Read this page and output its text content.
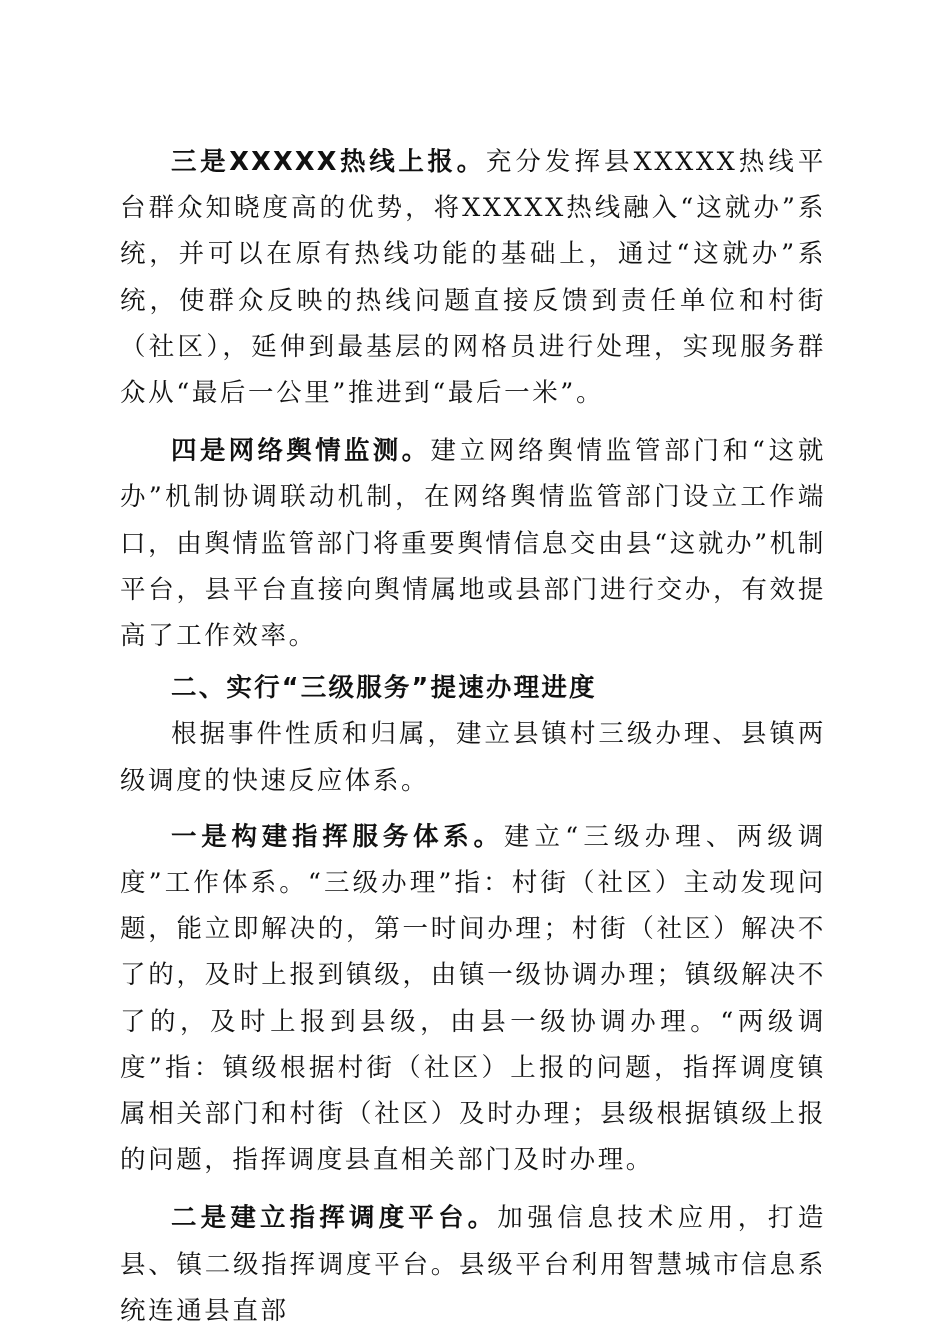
三是XXXXX热线上报。充分发挥县XXXXX热线平台群众知晓度高的优势，将XXXXX热线融入“这就办”系统，并可以在原有热线功能的基础上，通过“这就办”系统，使群众反映的热线问题直接反馈到责任单位和村街（社区），延伸到最基层的网格员进行处理，实现服务群众从“最后一公里”推进到“最后一米”。

四是网络舆情监测。建立网络舆情监管部门和“这就办”机制协调联动机制，在网络舆情监管部门设立工作端口，由舆情监管部门将重要舆情信息交由县“这就办”机制平台，县平台直接向舆情属地或县部门进行交办，有效提高了工作效率。

二、实行“三级服务”提速办理进度

根据事件性质和归属，建立县镇村三级办理、县镇两级调度的快速反应体系。

一是构建指挥服务体系。建立“三级办理、两级调度”工作体系。“三级办理”指：村街（社区）主动发现问题，能立即解决的，第一时间办理；村街（社区）解决不了的，及时上报到镇级，由镇一级协调办理；镇级解决不了的，及时上报到县级，由县一级协调办理。“两级调度”指：镇级根据村街（社区）上报的问题，指挥调度镇属相关部门和村街（社区）及时办理；县级根据镇级上报的问题，指挥调度县直相关部门及时办理。

二是建立指挥调度平台。加强信息技术应用，打造县、镇二级指挥调度平台。县级平台利用智慧城市信息系统连通县直部
